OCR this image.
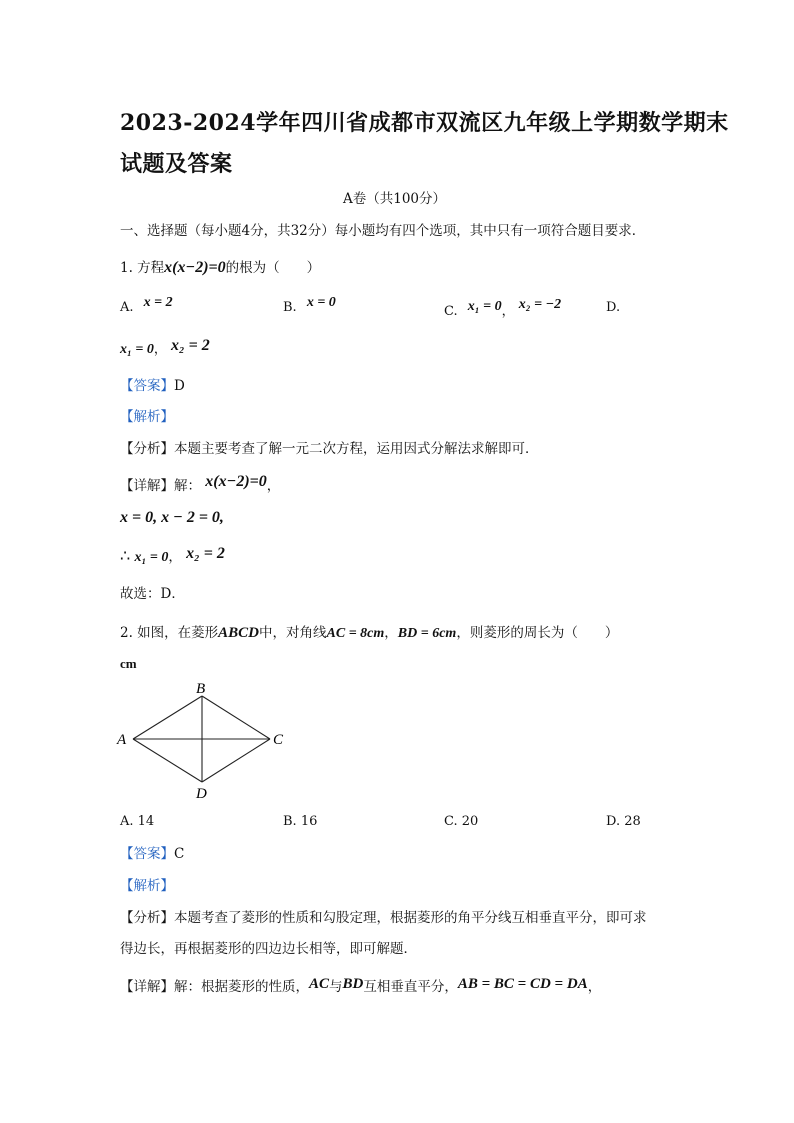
2023-2024学年四川省成都市双流区九年级上学期数学期末
试题及答案
A卷（共100分）
一、选择题（每小题4分，共32分）每小题均有四个选项，其中只有一项符合题目要求．
1. 方程x(x−2)=0的根为（　　）
A. x = 2	B. x = 0
C. x₁ = 0， x₂ = −2	D.
x₁ = 0， x₂ = 2
【答案】D
【解析】
【分析】本题主要考查了解一元二次方程，运用因式分解法求解即可．
【详解】解： x(x−2)=0，
x = 0, x − 2 = 0,
∴ x₁ = 0， x₂ = 2
故选：D．
2. 如图，在菱形ABCD中，对角线AC = 8cm，BD = 6cm，则菱形的周长为（　　）
cm
A
B
C
D
A. 14	B. 16	C. 20	D. 28
【答案】C
【解析】
【分析】本题考查了菱形的性质和勾股定理，根据菱形的角平分线互相垂直平分，即可求
得边长，再根据菱形的四边边长相等，即可解题．
【详解】解：根据菱形的性质，AC与BD互相垂直平分，AB = BC = CD = DA，
